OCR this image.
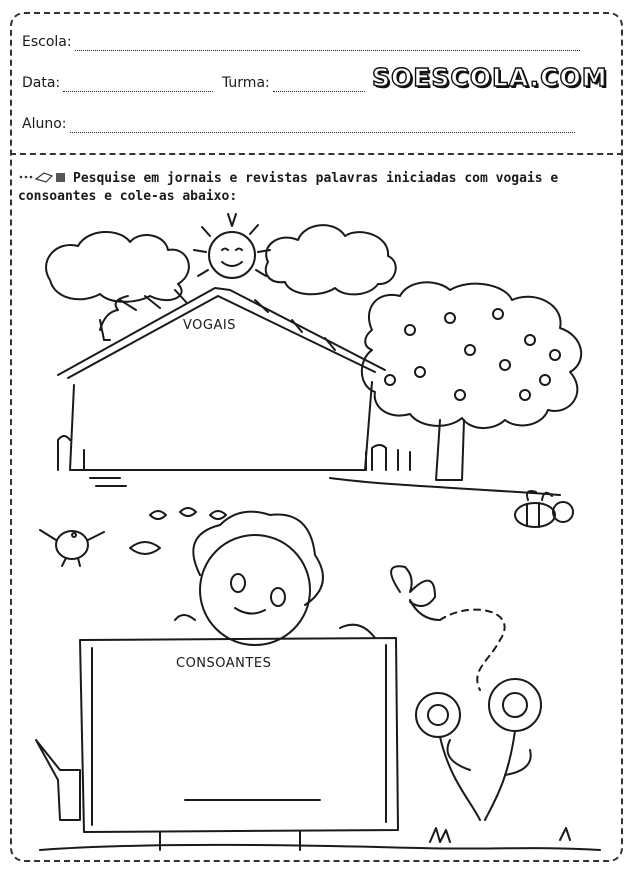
Escola:
Data:	Turma:
Aluno:
SOESCOLA.COM
Pesquise em jornais e revistas palavras iniciadas com vogais e consoantes e cole-as abaixo:
VOGAIS
CONSOANTES
